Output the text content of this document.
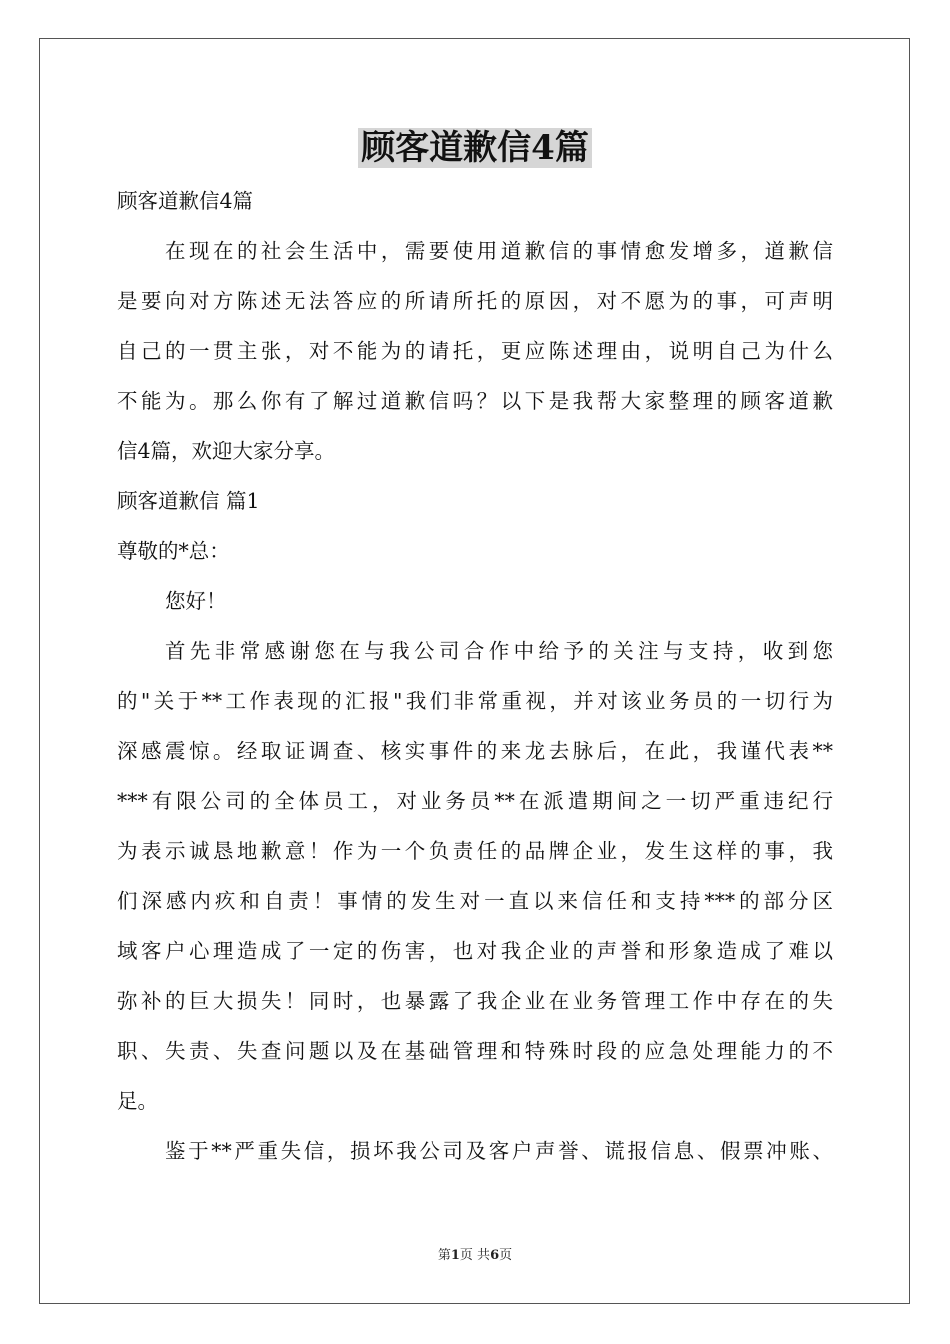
顾客道歉信4篇
顾客道歉信4篇
在现在的社会生活中，需要使用道歉信的事情愈发增多，道歉信
是要向对方陈述无法答应的所请所托的原因，对不愿为的事，可声明
自己的一贯主张，对不能为的请托，更应陈述理由，说明自己为什么
不能为。那么你有了解过道歉信吗？以下是我帮大家整理的顾客道歉
信4篇，欢迎大家分享。
顾客道歉信 篇1
尊敬的*总：
您好！
首先非常感谢您在与我公司合作中给予的关注与支持，收到您
的"关于**工作表现的汇报"我们非常重视，并对该业务员的一切行为
深感震惊。经取证调查、核实事件的来龙去脉后，在此，我谨代表**
***有限公司的全体员工，对业务员**在派遣期间之一切严重违纪行
为表示诚恳地歉意！作为一个负责任的品牌企业，发生这样的事，我
们深感内疚和自责！事情的发生对一直以来信任和支持***的部分区
域客户心理造成了一定的伤害，也对我企业的声誉和形象造成了难以
弥补的巨大损失！同时，也暴露了我企业在业务管理工作中存在的失
职、失责、失查问题以及在基础管理和特殊时段的应急处理能力的不
足。
鉴于**严重失信，损坏我公司及客户声誉、谎报信息、假票冲账、
第1页 共6页
